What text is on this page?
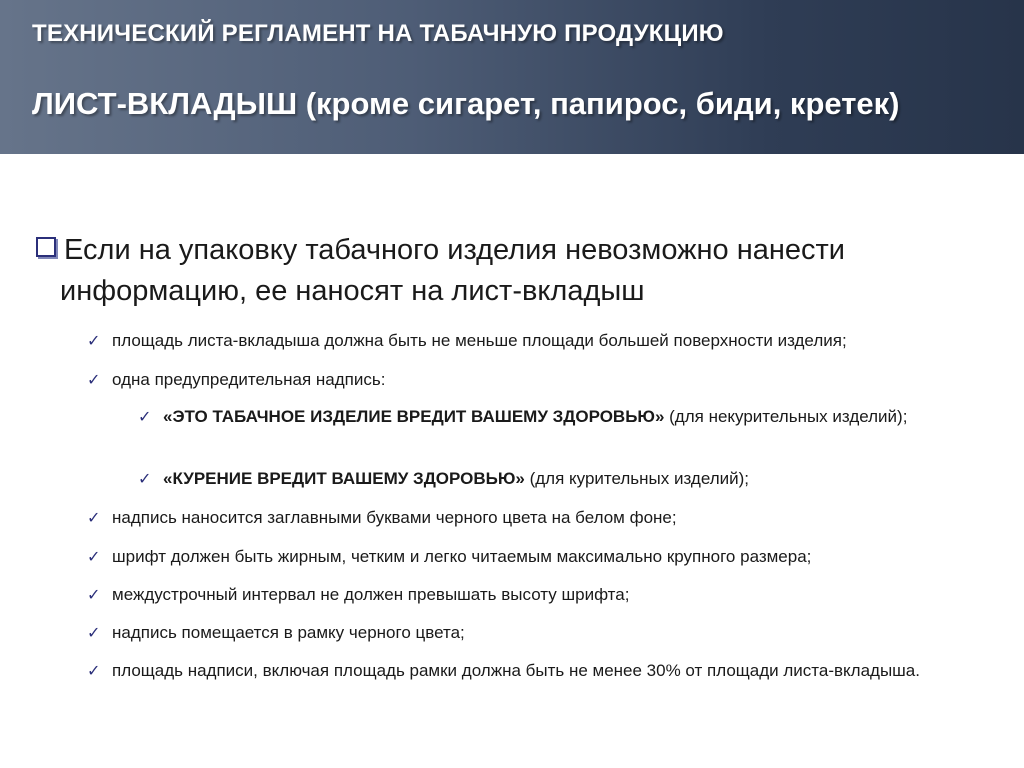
ТЕХНИЧЕСКИЙ РЕГЛАМЕНТ НА ТАБАЧНУЮ ПРОДУКЦИЮ
ЛИСТ-ВКЛАДЫШ (кроме сигарет, папирос, биди, кретек)
Если на упаковку табачного изделия невозможно нанести
информацию, ее наносят на лист-вкладыш
✓ площадь листа-вкладыша должна быть не меньше площади большей поверхности изделия;
✓ одна предупредительная надпись:
✓ «ЭТО ТАБАЧНОЕ ИЗДЕЛИЕ ВРЕДИТ ВАШЕМУ ЗДОРОВЬЮ» (для некурительных изделий);
✓ «КУРЕНИЕ ВРЕДИТ ВАШЕМУ ЗДОРОВЬЮ» (для курительных изделий);
✓ надпись наносится заглавными буквами черного цвета на белом фоне;
✓ шрифт должен быть жирным, четким и легко читаемым максимально крупного размера;
✓ междустрочный интервал не должен превышать высоту шрифта;
✓ надпись помещается в рамку черного цвета;
✓ площадь надписи, включая площадь рамки должна быть не менее 30% от площади листа-вкладыша.
